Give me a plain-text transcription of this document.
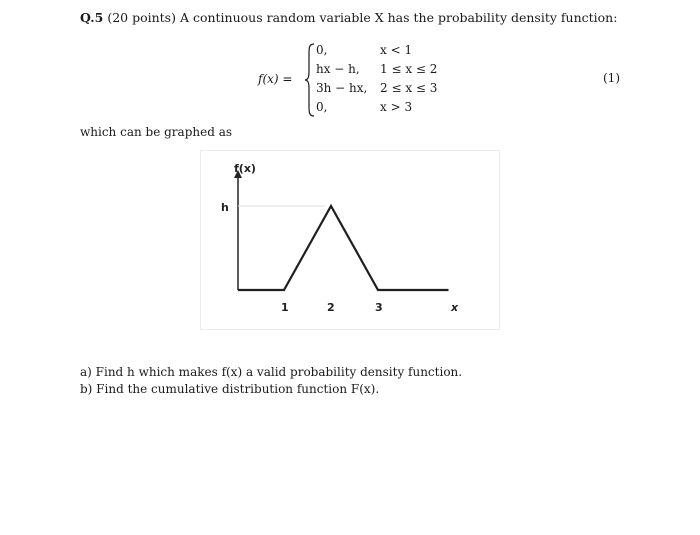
Q.5 (20 points) A continuous random variable X has the probability density function:
f(x) =
0,	x < 1
hx − h, 1 ≤ x ≤ 2
3h − hx, 2 ≤ x ≤ 3
0,	x > 3
(1)
which can be graphed as
f(x)
h
1	2	3	x
a) Find h which makes f(x) a valid probability density function.
b) Find the cumulative distribution function F(x).
